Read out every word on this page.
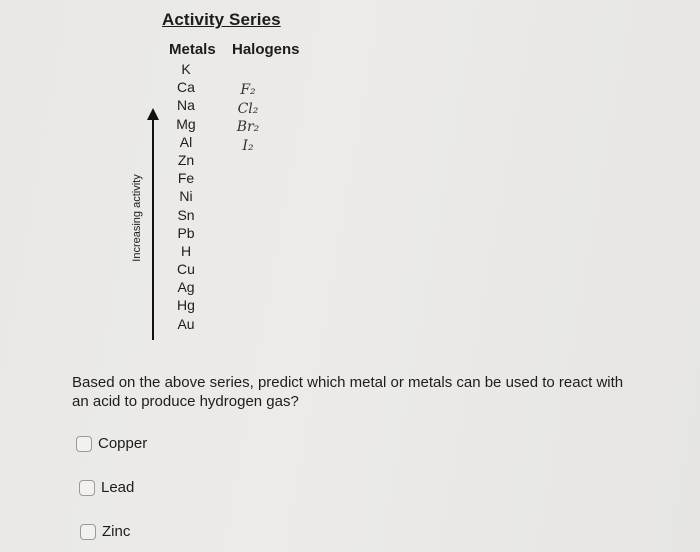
Activity Series
Metals Halogens
K
Ca
Na
Mg
Al
Zn
Fe
Ni
Sn
Pb
H
Cu
Ag
Hg
Au
F₂
Cl₂
Br₂
I₂
Increasing activity
Based on the above series, predict which metal or metals can be used to react with an acid to produce hydrogen gas?
Copper
Lead
Zinc
